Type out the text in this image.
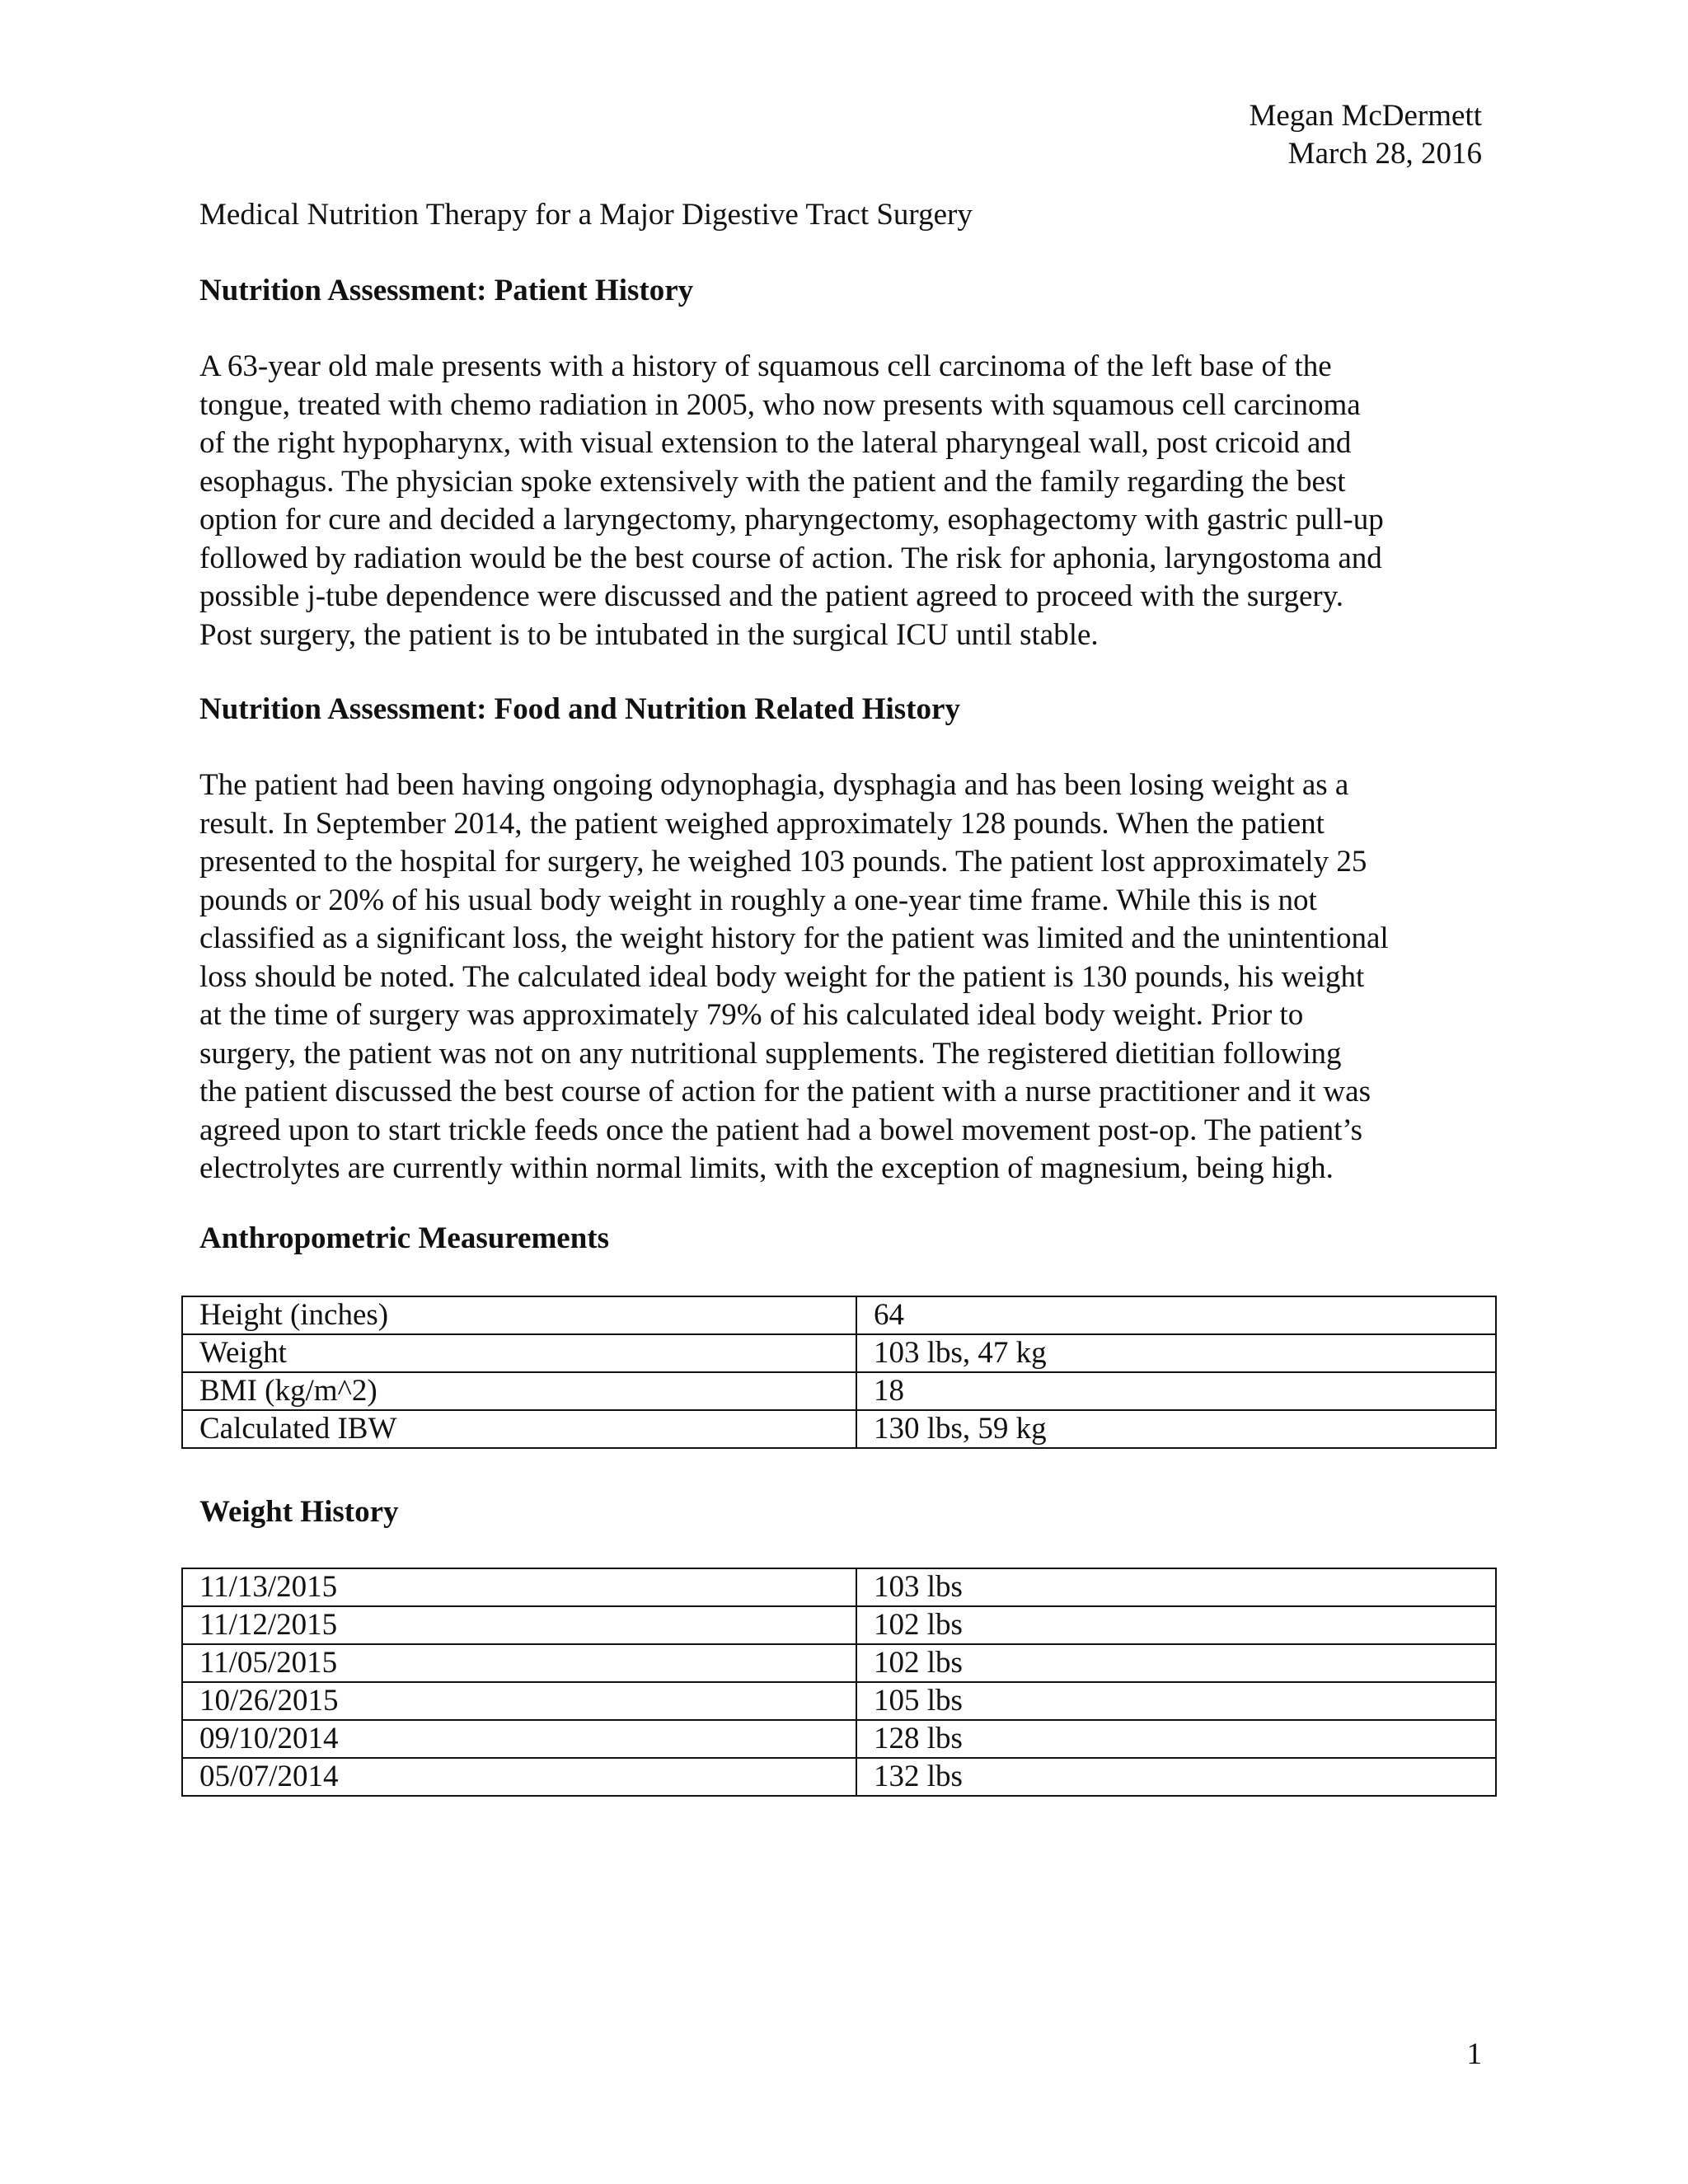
Megan McDermett
March 28, 2016
Medical Nutrition Therapy for a Major Digestive Tract Surgery
Nutrition Assessment: Patient History
A 63-year old male presents with a history of squamous cell carcinoma of the left base of the
tongue, treated with chemo radiation in 2005, who now presents with squamous cell carcinoma
of the right hypopharynx, with visual extension to the lateral pharyngeal wall, post cricoid and
esophagus. The physician spoke extensively with the patient and the family regarding the best
option for cure and decided a laryngectomy, pharyngectomy, esophagectomy with gastric pull-up
followed by radiation would be the best course of action. The risk for aphonia, laryngostoma and
possible j-tube dependence were discussed and the patient agreed to proceed with the surgery.
Post surgery, the patient is to be intubated in the surgical ICU until stable.
Nutrition Assessment: Food and Nutrition Related History
The patient had been having ongoing odynophagia, dysphagia and has been losing weight as a
result. In September 2014, the patient weighed approximately 128 pounds. When the patient
presented to the hospital for surgery, he weighed 103 pounds. The patient lost approximately 25
pounds or 20% of his usual body weight in roughly a one-year time frame. While this is not
classified as a significant loss, the weight history for the patient was limited and the unintentional
loss should be noted. The calculated ideal body weight for the patient is 130 pounds, his weight
at the time of surgery was approximately 79% of his calculated ideal body weight. Prior to
surgery, the patient was not on any nutritional supplements. The registered dietitian following
the patient discussed the best course of action for the patient with a nurse practitioner and it was
agreed upon to start trickle feeds once the patient had a bowel movement post-op. The patient’s
electrolytes are currently within normal limits, with the exception of magnesium, being high.
Anthropometric Measurements
Height (inches)	64
Weight	103 lbs, 47 kg
BMI (kg/m^2)	18
Calculated IBW	130 lbs, 59 kg
Weight History
11/13/2015	103 lbs
11/12/2015	102 lbs
11/05/2015	102 lbs
10/26/2015	105 lbs
09/10/2014	128 lbs
05/07/2014	132 lbs
1
